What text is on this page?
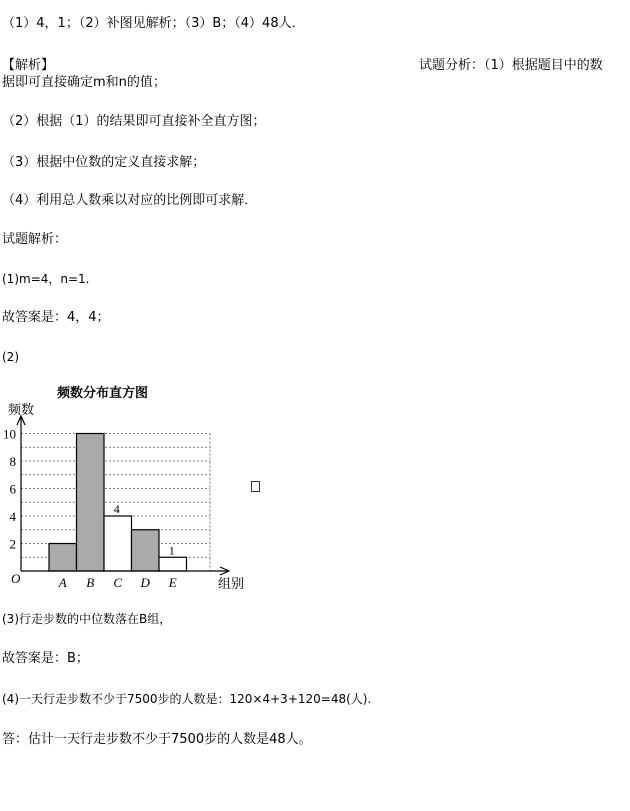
（1）4，1；（2）补图见解析；（3）B；（4）48人．
【解析】	试题分析：（1）根据题目中的数
据即可直接确定m和n的值；
（2）根据（1）的结果即可直接补全直方图；
（3）根据中位数的定义直接求解；
（4）利用总人数乘以对应的比例即可求解．
试题解析：
(1)m=4，n=1.
故答案是：4，4；
(2)
A B C
4
D E
1
2
4
6
8
10
频数分布直方图
频数
组别
O
(3)行走步数的中位数落在B组，
故答案是：B；
(4)一天行走步数不少于7500步的人数是：120×4+3+120=48(人).
答：估计一天行走步数不少于7500步的人数是48人。
